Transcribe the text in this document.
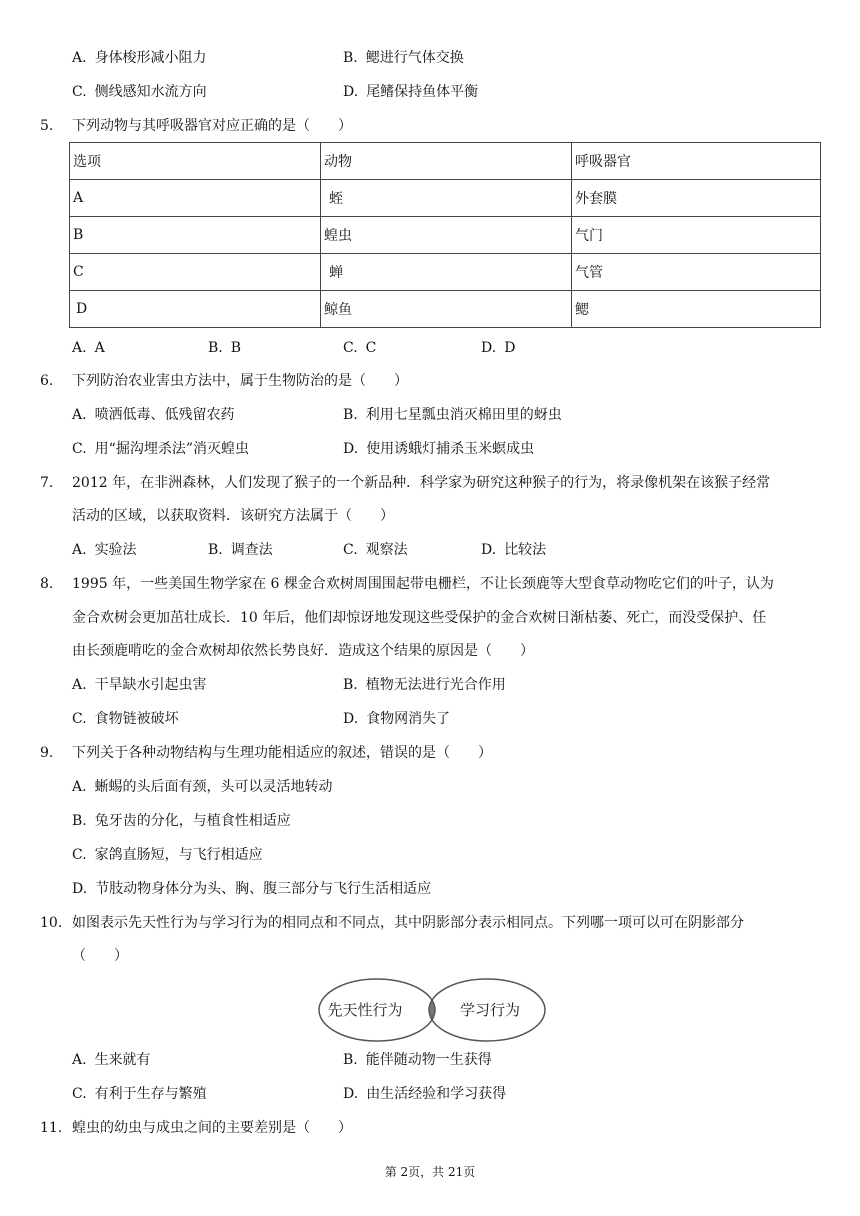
A. 身体梭形减小阻力	B. 鳃进行气体交换
C. 侧线感知水流方向	D. 尾鳍保持鱼体平衡
5. 下列动物与其呼吸器官对应正确的是（　　）
选项	动物	呼吸器官
A	蛭	外套膜
B	蝗虫	气门
C	蝉	气管
D	鲸鱼	鳃
A. A	B. B	C. C	D. D
6. 下列防治农业害虫方法中，属于生物防治的是（　　）
A. 喷洒低毒、低残留农药	B. 利用七星瓢虫消灭棉田里的蚜虫
C. 用“掘沟埋杀法”消灭蝗虫	D. 使用诱蛾灯捕杀玉米螟成虫
7. 2012 年，在非洲森林，人们发现了猴子的一个新品种．科学家为研究这种猴子的行为，将录像机架在该猴子经常
活动的区域，以获取资料．该研究方法属于（　　）
A. 实验法	B. 调查法	C. 观察法	D. 比较法
8. 1995 年，一些美国生物学家在 6 棵金合欢树周围围起带电栅栏，不让长颈鹿等大型食草动物吃它们的叶子，认为
金合欢树会更加茁壮成长．10 年后，他们却惊讶地发现这些受保护的金合欢树日渐枯萎、死亡，而没受保护、任
由长颈鹿啃吃的金合欢树却依然长势良好．造成这个结果的原因是（　　）
A. 干旱缺水引起虫害	B. 植物无法进行光合作用
C. 食物链被破坏	D. 食物网消失了
9. 下列关于各种动物结构与生理功能相适应的叙述，错误的是（　　）
A. 蜥蜴的头后面有颈，头可以灵活地转动
B. 兔牙齿的分化，与植食性相适应
C. 家鸽直肠短，与飞行相适应
D. 节肢动物身体分为头、胸、腹三部分与飞行生活相适应
10. 如图表示先天性行为与学习行为的相同点和不同点，其中阴影部分表示相同点。下列哪一项可以可在阴影部分
（　　）
先天性行为	学习行为
A. 生来就有	B. 能伴随动物一生获得
C. 有利于生存与繁殖	D. 由生活经验和学习获得
11. 蝗虫的幼虫与成虫之间的主要差别是（　　）
第 2页，共 21页
